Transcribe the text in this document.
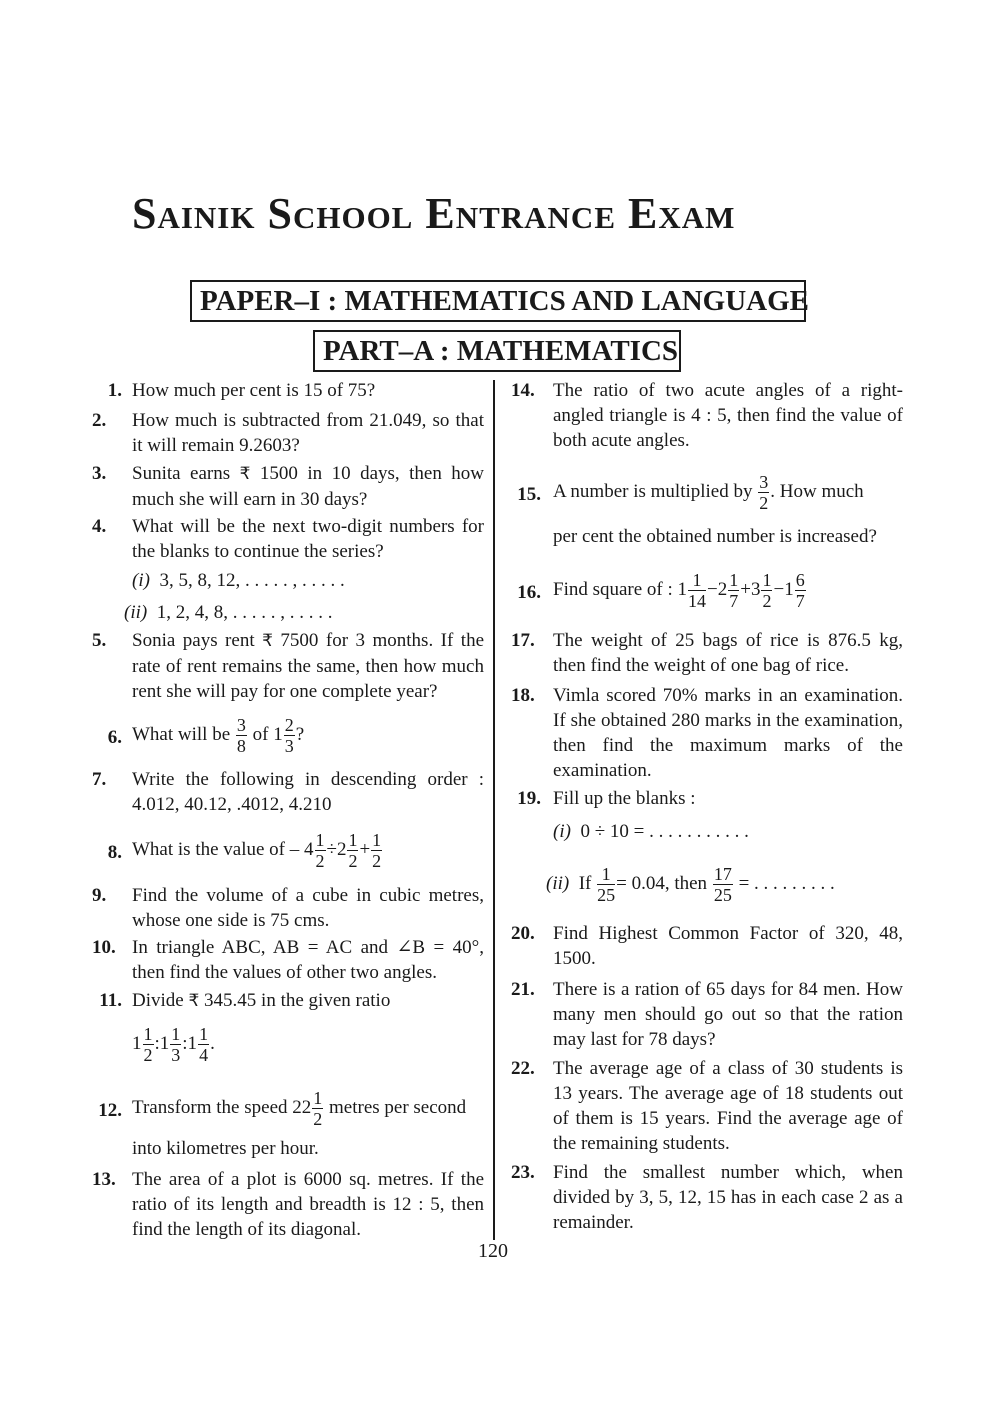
Sainik School Entrance Exam
PAPER–I : MATHEMATICS AND LANGUAGE
PART–A : MATHEMATICS
1. How much per cent is 15 of 75?
2.	How much is subtracted from 21.049, so that it will remain 9.2603?
3.	Sunita earns ₹ 1500 in 10 days, then how much she will earn in 30 days?
4.	What will be the next two-digit numbers for the blanks to continue the series?
(i) 3, 5, 8, 12, . . . . . , . . . . .
(ii) 1, 2, 4, 8, . . . . . , . . . . .
5.	Sonia pays rent ₹ 7500 for 3 months. If the rate of rent remains the same, then how much rent she will pay for one complete year?
6. What will be $\frac{3}{8}$ of $1 \frac{2}{3}$ ?
7.	Write the following in descending order : 4.012, 40.12, .4012, 4.210
8. What is the value of – $4 \frac{1}{2} \div 2 \frac{1}{2} + \frac{1}{2}$
9.	Find the volume of a cube in cubic metres, whose one side is 75 cms.
10. In triangle ABC, AB = AC and ∠B = 40°, then find the values of other two angles.
11. Divide ₹ 345.45 in the given ratio
$1 \frac{1}{2}$ :1 $\frac{1}{3}$ :1 $\frac{1}{4}$ .
12. Transform the speed $22 \frac{1}{2}$ metres per second
into kilometres per hour.
13. The area of a plot is 6000 sq. metres. If the ratio of its length and breadth is 12 : 5, then find the length of its diagonal.
14. The ratio of two acute angles of a right-angled triangle is 4 : 5, then find the value of both acute angles.
15. A number is multiplied by $\frac{3}{2}$ . How much
per cent the obtained number is increased?
16. Find square of : $1 \frac{1}{14} -2 \frac{1}{7} +3 \frac{1}{2} -1 \frac{6}{7}$
17. The weight of 25 bags of rice is 876.5 kg, then find the weight of one bag of rice.
18. Vimla scored 70% marks in an examination. If she obtained 280 marks in the examination, then find the maximum marks of the examination.
19. Fill up the blanks :
(i) 0 ÷ 10 = . . . . . . . . . . .
(ii) If $\frac{1}{25} = 0.04$, then $\frac{17}{25}$ = . . . . . . . . .
20. Find Highest Common Factor of 320, 48, 1500.
21. There is a ration of 65 days for 84 men. How many men should go out so that the ration may last for 78 days?
22. The average age of a class of 30 students is 13 years. The average age of 18 students out of them is 15 years. Find the average age of the remaining students.
23. Find the smallest number which, when divided by 3, 5, 12, 15 has in each case 2 as a remainder.
120
